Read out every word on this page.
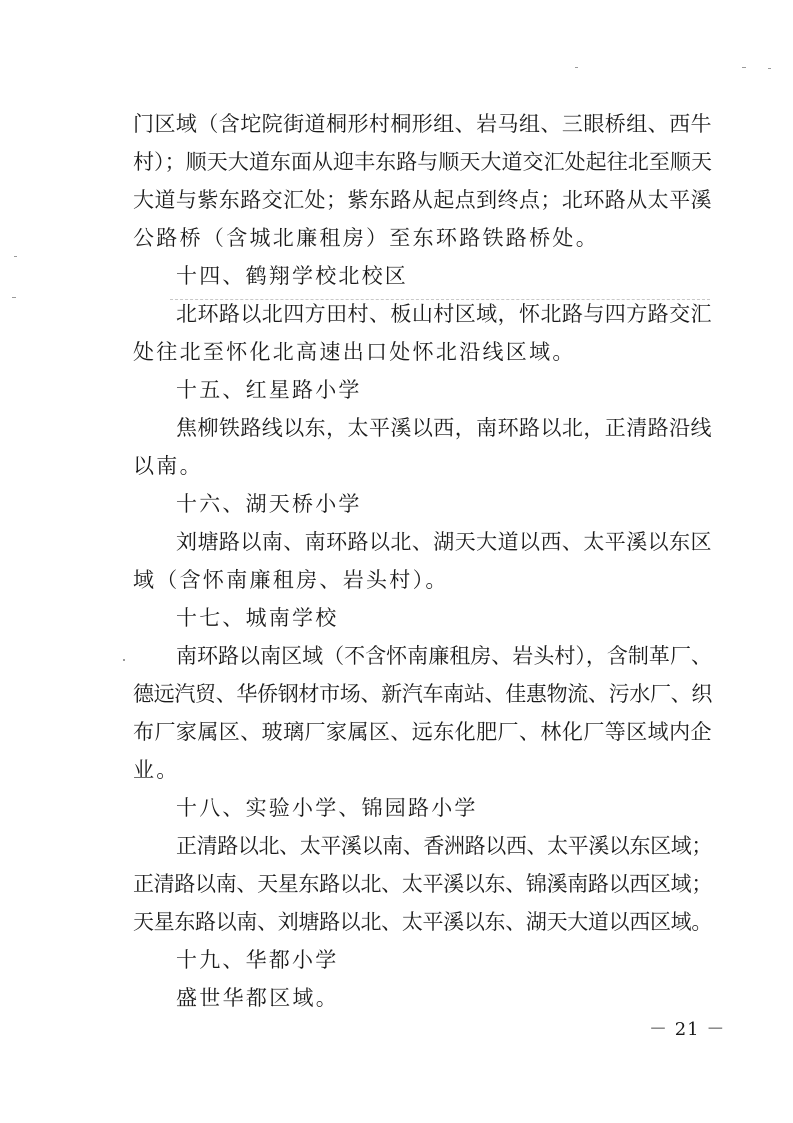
门区域（含坨院街道桐形村桐形组、岩马组、三眼桥组、西牛
村）；顺天大道东面从迎丰东路与顺天大道交汇处起往北至顺天
大道与紫东路交汇处；紫东路从起点到终点；北环路从太平溪
公路桥（含城北廉租房）至东环路铁路桥处。
十四、鹤翔学校北校区
北环路以北四方田村、板山村区域，怀北路与四方路交汇
处往北至怀化北高速出口处怀北沿线区域。
十五、红星路小学
焦柳铁路线以东，太平溪以西，南环路以北，正清路沿线
以南。
十六、湖天桥小学
刘塘路以南、南环路以北、湖天大道以西、太平溪以东区
域（含怀南廉租房、岩头村）。
十七、城南学校
南环路以南区域（不含怀南廉租房、岩头村），含制革厂、
德远汽贸、华侨钢材市场、新汽车南站、佳惠物流、污水厂、织
布厂家属区、玻璃厂家属区、远东化肥厂、林化厂等区域内企
业。
十八、实验小学、锦园路小学
正清路以北、太平溪以南、香洲路以西、太平溪以东区域；
正清路以南、天星东路以北、太平溪以东、锦溪南路以西区域；
天星东路以南、刘塘路以北、太平溪以东、湖天大道以西区域。
十九、华都小学
盛世华都区域。
－ 21 －
